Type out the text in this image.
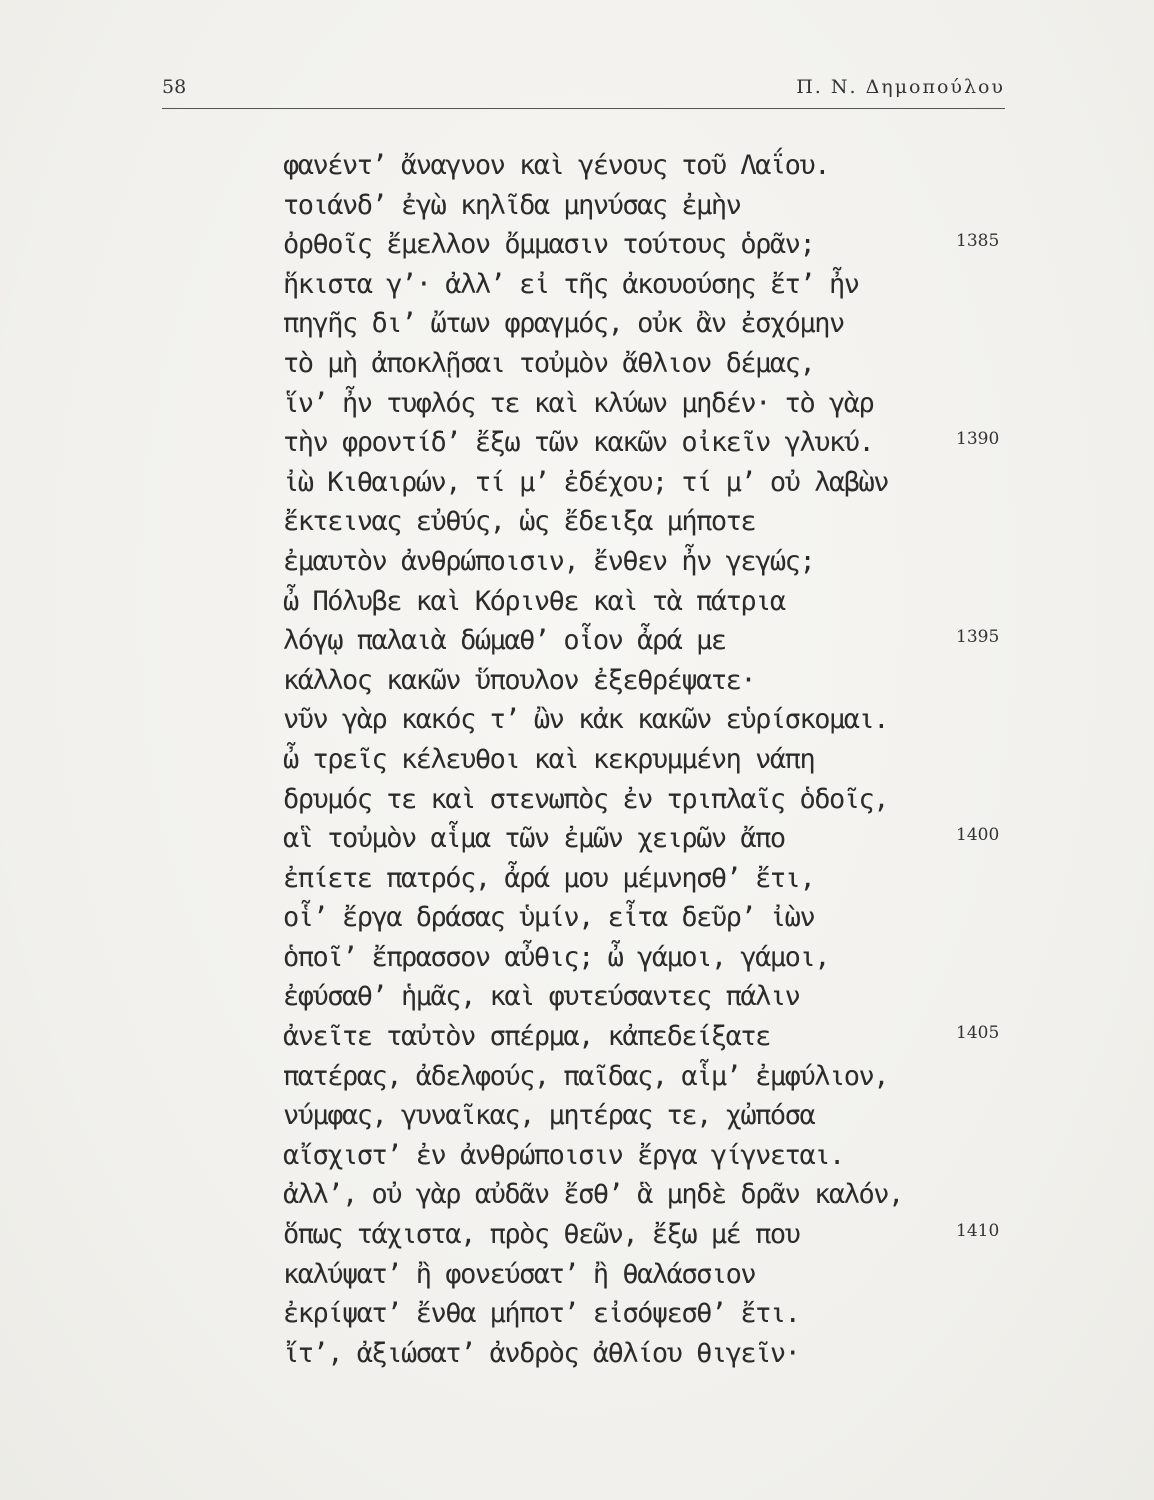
58	Π. Ν. Δημοπούλου
φανέντ’ ἄναγνον καὶ γένους τοῦ Λαΐου.
τοιάνδ’ ἐγὼ κηλῖδα μηνύσας ἐμὴν
ὀρθοῖς ἔμελλον ὄμμασιν τούτους ὁρᾶν;
ἥκιστα γ’· ἀλλ’ εἰ τῆς ἀκουούσης ἔτ’ ἦν
πηγῆς δι’ ὤτων φραγμός, οὐκ ἂν ἐσχόμην
τὸ μὴ ἀποκλῇσαι τοὐμὸν ἄθλιον δέμας,
ἵν’ ἦν τυφλός τε καὶ κλύων μηδέν· τὸ γὰρ
τὴν φροντίδ’ ἔξω τῶν κακῶν οἰκεῖν γλυκύ.
ἰὼ Κιθαιρών, τί μ’ ἐδέχου; τί μ’ οὐ λαβὼν
ἔκτεινας εὐθύς, ὡς ἔδειξα μήποτε
ἐμαυτὸν ἀνθρώποισιν, ἔνθεν ἦν γεγώς;
ὦ Πόλυβε καὶ Κόρινθε καὶ τὰ πάτρια
λόγῳ παλαιὰ δώμαθ’ οἷον ἆρά με
κάλλος κακῶν ὕπουλον ἐξεθρέψατε·
νῦν γὰρ κακός τ’ ὢν κἀκ κακῶν εὑρίσκομαι.
ὦ τρεῖς κέλευθοι καὶ κεκρυμμένη νάπη
δρυμός τε καὶ στενωπὸς ἐν τριπλαῖς ὁδοῖς,
αἳ τοὐμὸν αἷμα τῶν ἐμῶν χειρῶν ἄπο
ἐπίετε πατρός, ἆρά μου μέμνησθ’ ἔτι,
οἷ’ ἔργα δράσας ὑμίν, εἶτα δεῦρ’ ἰὼν
ὁποῖ’ ἔπρασσον αὖθις; ὦ γάμοι, γάμοι,
ἐφύσαθ’ ἡμᾶς, καὶ φυτεύσαντες πάλιν
ἀνεῖτε ταὐτὸν σπέρμα, κἀπεδείξατε
πατέρας, ἀδελφούς, παῖδας, αἷμ’ ἐμφύλιον,
νύμφας, γυναῖκας, μητέρας τε, χὠπόσα
αἴσχιστ’ ἐν ἀνθρώποισιν ἔργα γίγνεται.
ἀλλ’, οὐ γὰρ αὐδᾶν ἔσθ’ ἃ μηδὲ δρᾶν καλόν,
ὅπως τάχιστα, πρὸς θεῶν, ἔξω μέ που
καλύψατ’ ἢ φονεύσατ’ ἢ θαλάσσιον
ἐκρίψατ’ ἔνθα μήποτ’ εἰσόψεσθ’ ἔτι.
ἴτ’, ἀξιώσατ’ ἀνδρὸς ἀθλίου θιγεῖν·
1385
1390
1395
1400
1405
1410
